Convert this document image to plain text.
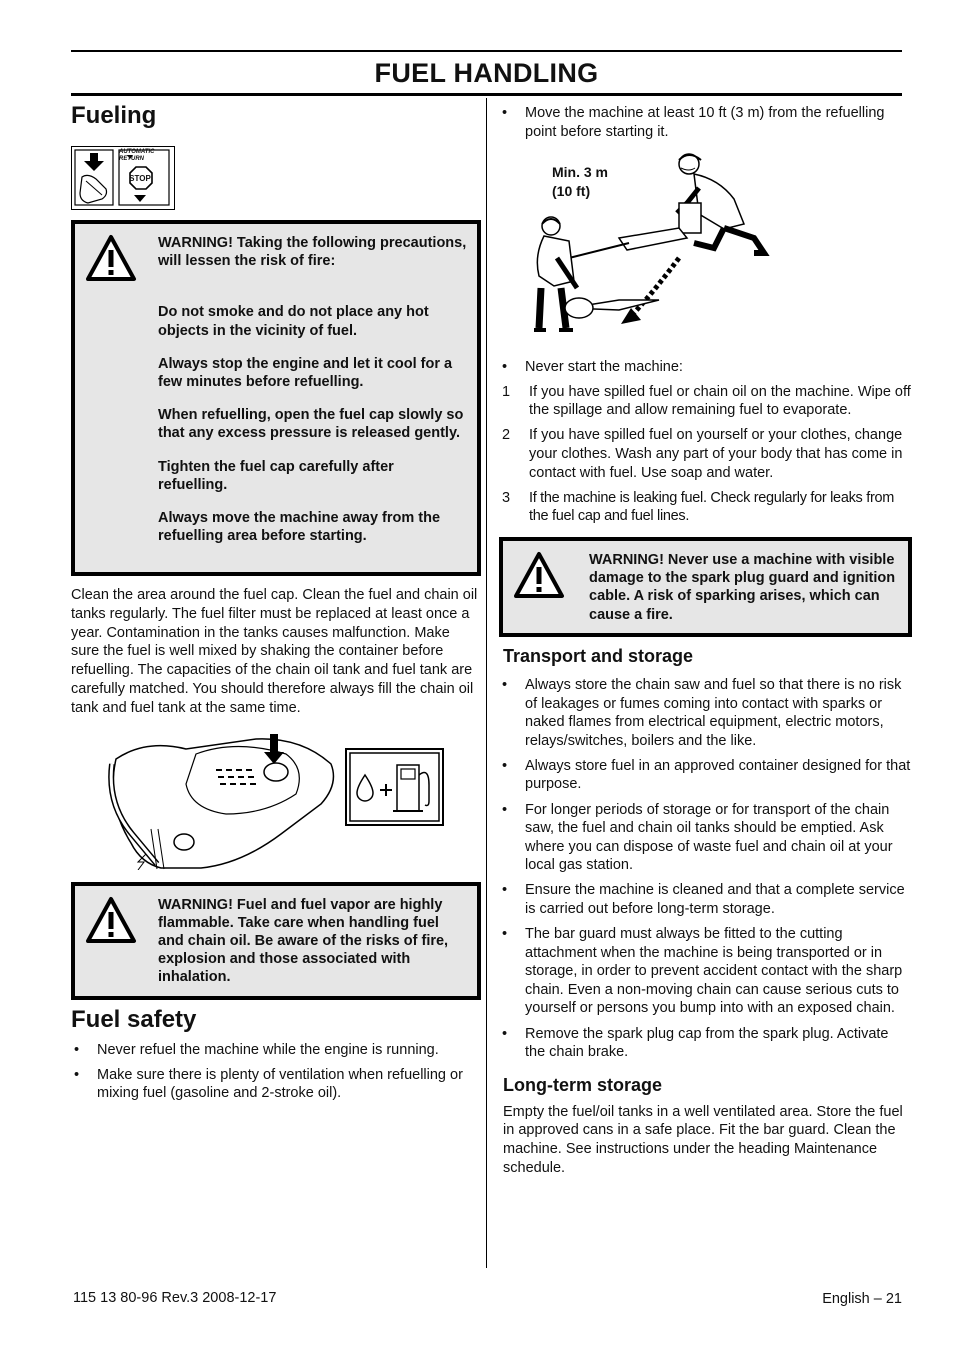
FUEL HANDLING
Fueling
AUTOMATIC
RETURN
STOP

WARNING! Taking the following precautions, will lessen the risk of fire:

Do not smoke and do not place any hot objects in the vicinity of fuel.

Always stop the engine and let it cool for a few minutes before refuelling.

When refuelling, open the fuel cap slowly so that any excess pressure is released gently.

Tighten the fuel cap carefully after refuelling.

Always move the machine away from the refuelling area before starting.

Clean the area around the fuel cap. Clean the fuel and chain oil tanks regularly. The fuel filter must be replaced at least once a year. Contamination in the tanks causes malfunction. Make sure the fuel is well mixed by shaking the container before refuelling. The capacities of the chain oil tank and fuel tank are carefully matched. You should therefore always fill the chain oil tank and fuel tank at the same time.

WARNING! Fuel and fuel vapor are highly flammable. Take care when handling fuel and chain oil. Be aware of the risks of fire, explosion and those associated with inhalation.
Fuel safety
• Never refuel the machine while the engine is running.
• Make sure there is plenty of ventilation when refuelling or mixing fuel (gasoline and 2-stroke oil).
• Move the machine at least 10 ft (3 m) from the refuelling point before starting it.
Min. 3 m
(10 ft)
• Never start the machine:
1 If you have spilled fuel or chain oil on the machine. Wipe off the spillage and allow remaining fuel to evaporate.
2 If you have spilled fuel on yourself or your clothes, change your clothes. Wash any part of your body that has come in contact with fuel. Use soap and water.
3 If the machine is leaking fuel. Check regularly for leaks from the fuel cap and fuel lines.
WARNING! Never use a machine with visible damage to the spark plug guard and ignition cable. A risk of sparking arises, which can cause a fire.
Transport and storage
• Always store the chain saw and fuel so that there is no risk of leakages or fumes coming into contact with sparks or naked flames from electrical equipment, electric motors, relays/switches, boilers and the like.
• Always store fuel in an approved container designed for that purpose.
• For longer periods of storage or for transport of the chain saw, the fuel and chain oil tanks should be emptied. Ask where you can dispose of waste fuel and chain oil at your local gas station.
• Ensure the machine is cleaned and that a complete service is carried out before long-term storage.
• The bar guard must always be fitted to the cutting attachment when the machine is being transported or in storage, in order to prevent accident contact with the sharp chain. Even a non-moving chain can cause serious cuts to yourself or persons you bump into with an exposed chain.
• Remove the spark plug cap from the spark plug. Activate the chain brake.
Long-term storage

Empty the fuel/oil tanks in a well ventilated area. Store the fuel in approved cans in a safe place. Fit the bar guard. Clean the machine. See instructions under the heading Maintenance schedule.

115 13 80-96 Rev.3 2008-12-17	English – 21
